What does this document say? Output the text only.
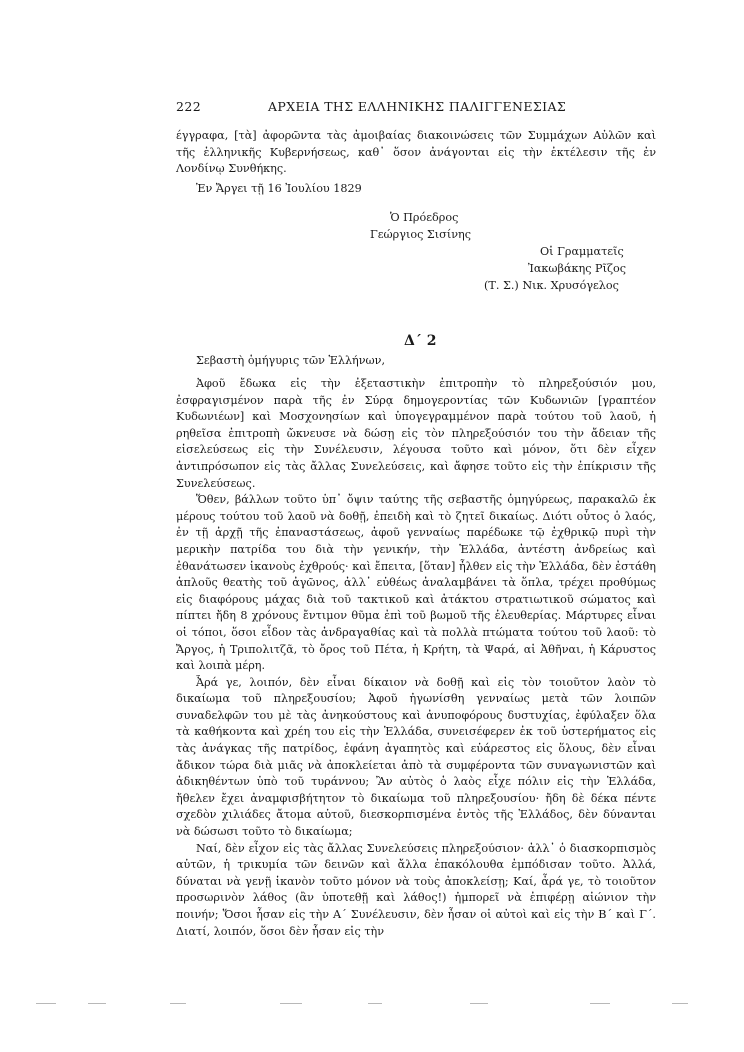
222	ΑΡΧΕΙΑ ΤΗΣ ΕΛΛΗΝΙΚΗΣ ΠΑΛΙΓΓΕΝΕΣΙΑΣ

έγγραφα, [τὰ] ἀφορῶντα τὰς ἀμοιβαίας διακοινώσεις τῶν Συμμάχων Αὐλῶν καὶ τῆς ἑλληνικῆς Κυβερνήσεως, καθ᾽ ὅσον ἀνάγονται εἰς τὴν ἐκτέλεσιν τῆς ἐν Λονδίνῳ Συνθήκης.

Ἐν Ἄργει τῇ 16 Ἰουλίου 1829
Ὁ Πρόεδρος
Γεώργιος Σισίνης
Οἱ Γραμματεῖς
Ἰακωβάκης Ρῖζος
(Τ. Σ.) Νικ. Χρυσόγελος
Δ΄ 2
Σεβαστὴ ὁμήγυρις τῶν Ἑλλήνων,

Ἀφοῦ ἔδωκα εἰς τὴν ἐξεταστικὴν ἐπιτροπὴν τὸ πληρεξούσιόν μου, ἐσφραγισμένον παρὰ τῆς ἐν Σύρᾳ δημογεροντίας τῶν Κυδωνιῶν [γραπτέον Κυδωνιέων] καὶ Μοσχονησίων καὶ ὑπογεγραμμένον παρὰ τούτου τοῦ λαοῦ, ἡ ρηθεῖσα ἐπιτροπὴ ὤκνευσε νὰ δώσῃ εἰς τὸν πληρεξούσιόν του τὴν ἄδειαν τῆς εἰσελεύσεως εἰς τὴν Συνέλευσιν, λέγουσα τοῦτο καὶ μόνον, ὅτι δὲν εἶχεν ἀντιπρόσωπον εἰς τὰς ἄλλας Συνελεύσεις, καὶ ἄφησε τοῦτο εἰς τὴν ἐπίκρισιν τῆς Συνελεύσεως.

Ὅθεν, βάλλων τοῦτο ὑπ᾽ ὄψιν ταύτης τῆς σεβαστῆς ὁμηγύρεως, παρακαλῶ ἐκ μέρους τούτου τοῦ λαοῦ νὰ δοθῇ, ἐπειδὴ καὶ τὸ ζητεῖ δικαίως. Διότι οὗτος ὁ λαός, ἐν τῇ ἀρχῇ τῆς ἐπαναστάσεως, ἀφοῦ γενναίως παρέδωκε τῷ ἐχθρικῷ πυρὶ τὴν μερικὴν πατρίδα του διὰ τὴν γενικήν, τὴν Ἑλλάδα, ἀντέστη ἀνδρείως καὶ ἐθανάτωσεν ἱκανοὺς ἐχθρούς· καὶ ἔπειτα, [ὅταν] ἦλθεν εἰς τὴν Ἑλλάδα, δὲν ἐστάθη ἁπλοῦς θεατὴς τοῦ ἀγῶνος, ἀλλ᾽ εὐθέως ἀναλαμβάνει τὰ ὅπλα, τρέχει προθύμως εἰς διαφόρους μάχας διὰ τοῦ τακτικοῦ καὶ ἀτάκτου στρατιωτικοῦ σώματος καὶ πίπτει ἤδη 8 χρόνους ἔντιμον θῦμα ἐπὶ τοῦ βωμοῦ τῆς ἐλευθερίας. Μάρτυρες εἶναι οἱ τόποι, ὅσοι εἶδον τὰς ἀνδραγαθίας καὶ τὰ πολλὰ πτώματα τούτου τοῦ λαοῦ: τὸ Ἄργος, ἡ Τριπολιτζᾶ, τὸ ὄρος τοῦ Πέτα, ἡ Κρήτη, τὰ Ψαρά, αἱ Ἀθῆναι, ἡ Κάρυστος καὶ λοιπὰ μέρη.

Ἆρά γε, λοιπόν, δὲν εἶναι δίκαιον νὰ δοθῇ καὶ εἰς τὸν τοιοῦτον λαὸν τὸ δικαίωμα τοῦ πληρεξουσίου; Ἀφοῦ ἠγωνίσθη γενναίως μετὰ τῶν λοιπῶν συναδελφῶν του μὲ τὰς ἀνηκούστους καὶ ἀνυποφόρους δυστυχίας, ἐφύλαξεν ὅλα τὰ καθήκοντα καὶ χρέη του εἰς τὴν Ἑλλάδα, συνεισέφερεν ἐκ τοῦ ὑστερήματος εἰς τὰς ἀνάγκας τῆς πατρίδος, ἐφάνη ἀγαπητὸς καὶ εὐάρεστος εἰς ὅλους, δὲν εἶναι ἄδικον τώρα διὰ μιᾶς νὰ ἀποκλείεται ἀπὸ τὰ συμφέροντα τῶν συναγωνιστῶν καὶ ἀδικηθέντων ὑπὸ τοῦ τυράννου; Ἂν αὐτὸς ὁ λαὸς εἶχε πόλιν εἰς τὴν Ἑλλάδα, ἤθελεν ἔχει ἀναμφισβήτητον τὸ δικαίωμα τοῦ πληρεξουσίου· ἤδη δὲ δέκα πέντε σχεδὸν χιλιάδες ἄτομα αὐτοῦ, διεσκορπισμένα ἐντὸς τῆς Ἑλλάδος, δὲν δύνανται νὰ δώσωσι τοῦτο τὸ δικαίωμα;

Ναί, δὲν εἶχον εἰς τὰς ἄλλας Συνελεύσεις πληρεξούσιον· ἀλλ᾽ ὁ διασκορπισμὸς αὐτῶν, ἡ τρικυμία τῶν δεινῶν καὶ ἄλλα ἐπακόλουθα ἐμπόδισαν τοῦτο. Ἀλλά, δύναται νὰ γενῇ ἱκανὸν τοῦτο μόνον νὰ τοὺς ἀποκλείσῃ; Καί, ἆρά γε, τὸ τοιοῦτον προσωρινὸν λάθος (ἂν ὑποτεθῇ καὶ λάθος!) ἠμπορεῖ νὰ ἐπιφέρῃ αἰώνιον τὴν ποινήν; Ὅσοι ἦσαν εἰς τὴν Α΄ Συνέλευσιν, δὲν ἦσαν οἱ αὐτοὶ καὶ εἰς τὴν Β΄ καὶ Γ΄. Διατί, λοιπόν, ὅσοι δὲν ἦσαν εἰς τὴν
